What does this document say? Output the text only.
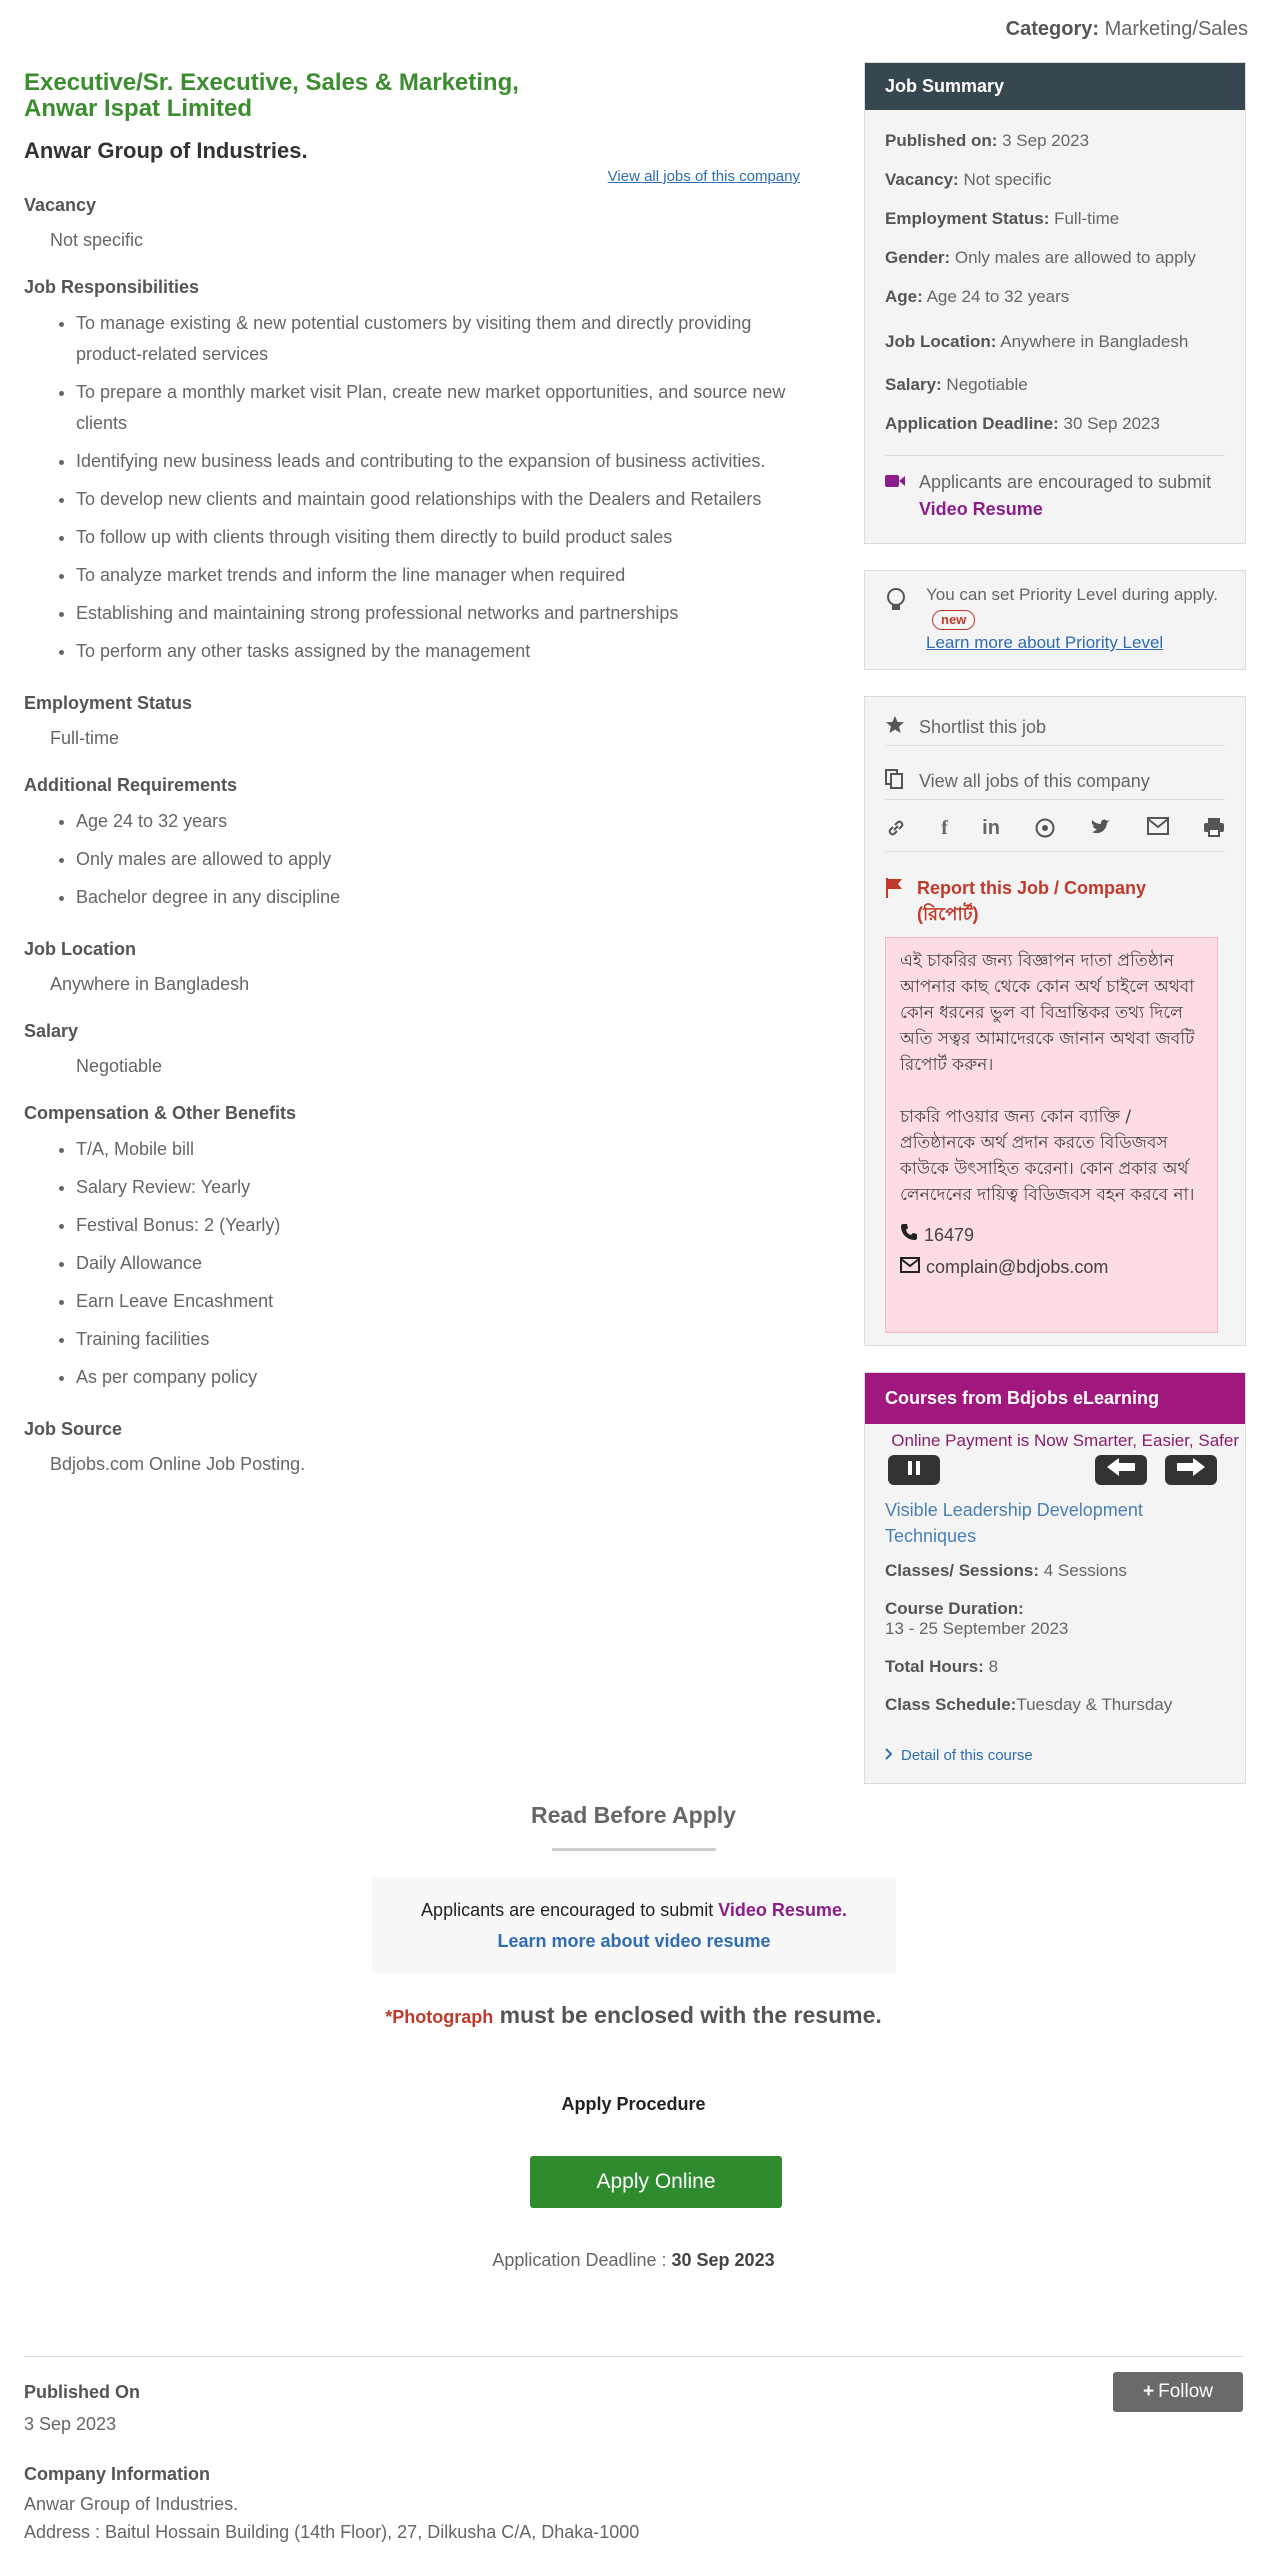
Category: Marketing/Sales
Executive/Sr. Executive, Sales & Marketing,
Anwar Ispat Limited
Anwar Group of Industries.
View all jobs of this company
Vacancy
Not specific
Job Responsibilities
• To manage existing & new potential customers by visiting them and directly providing product-related services
• To prepare a monthly market visit Plan, create new market opportunities, and source new clients
• Identifying new business leads and contributing to the expansion of business activities.
• To develop new clients and maintain good relationships with the Dealers and Retailers
• To follow up with clients through visiting them directly to build product sales
• To analyze market trends and inform the line manager when required
• Establishing and maintaining strong professional networks and partnerships
• To perform any other tasks assigned by the management
Employment Status
Full-time
Additional Requirements
• Age 24 to 32 years
• Only males are allowed to apply
• Bachelor degree in any discipline
Job Location
Anywhere in Bangladesh
Salary
Negotiable
Compensation & Other Benefits
• T/A, Mobile bill
• Salary Review: Yearly
• Festival Bonus: 2 (Yearly)
• Daily Allowance
• Earn Leave Encashment
• Training facilities
• As per company policy
Job Source
Bdjobs.com Online Job Posting.
Job Summary
Published on: 3 Sep 2023
Vacancy: Not specific
Employment Status: Full-time
Gender: Only males are allowed to apply
Age: Age 24 to 32 years
Job Location: Anywhere in Bangladesh
Salary: Negotiable
Application Deadline: 30 Sep 2023
Applicants are encouraged to submit Video Resume
You can set Priority Level during apply. new
Learn more about Priority Level
Shortlist this job
View all jobs of this company
f in
Report this Job / Company
(রিপোর্ট)
এই চাকরির জন্য বিজ্ঞাপন দাতা প্রতিষ্ঠান আপনার কাছ থেকে কোন অর্থ চাইলে অথবা কোন ধরনের ভুল বা বিভ্রান্তিকর তথ্য দিলে অতি সত্বর আমাদেরকে জানান অথবা জবটি রিপোর্ট করুন।
চাকরি পাওয়ার জন্য কোন ব্যাক্তি / প্রতিষ্ঠানকে অর্থ প্রদান করতে বিডিজবস কাউকে উৎসাহিত করেনা। কোন প্রকার অর্থ লেনদেনের দায়িত্ব বিডিজবস বহন করবে না।
16479
complain@bdjobs.com
Courses from Bdjobs eLearning
Online Payment is Now Smarter, Easier, Safer
Visible Leadership Development Techniques
Classes/ Sessions: 4 Sessions
Course Duration:
13 - 25 September 2023
Total Hours: 8
Class Schedule:Tuesday & Thursday
Detail of this course
Read Before Apply
Applicants are encouraged to submit Video Resume.
Learn more about video resume
*Photograph must be enclosed with the resume.
Apply Procedure
Apply Online
Application Deadline : 30 Sep 2023
Published On
3 Sep 2023
+ Follow
Company Information
Anwar Group of Industries.
Address : Baitul Hossain Building (14th Floor), 27, Dilkusha C/A, Dhaka-1000
